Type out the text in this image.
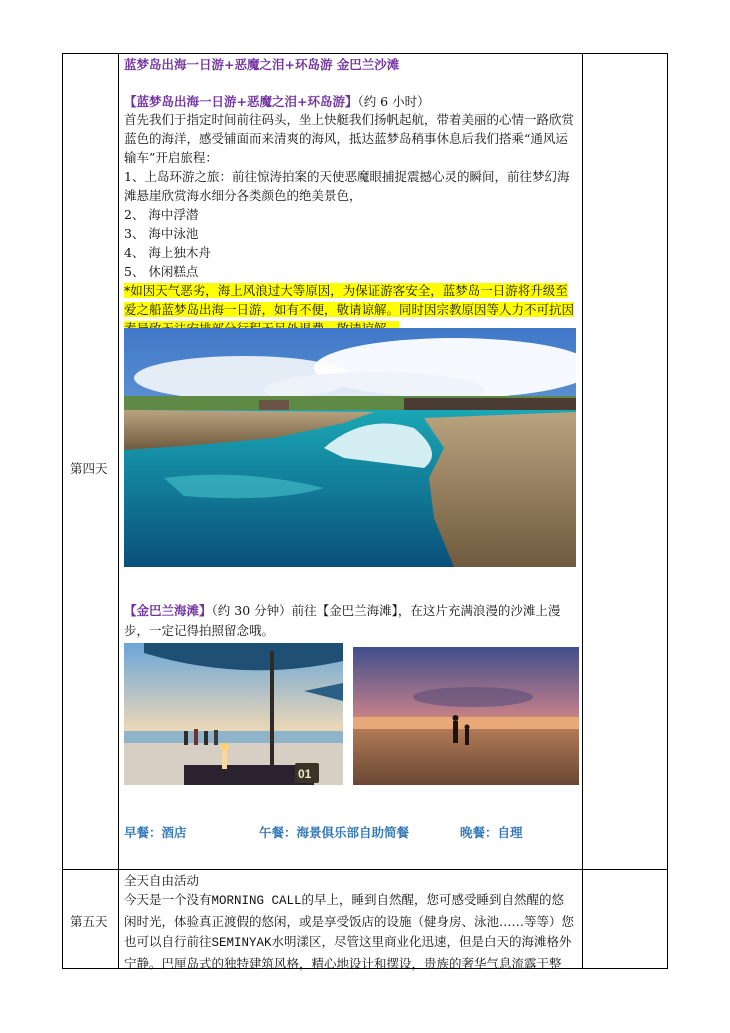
第四天
蓝梦岛出海一日游+恶魔之泪+环岛游 金巴兰沙滩
【蓝梦岛出海一日游+恶魔之泪+环岛游】（约 6 小时）

首先我们于指定时间前往码头，坐上快艇我们扬帆起航，带着美丽的心情一路欣赏蓝色的海洋，感受铺面而来清爽的海风，抵达蓝梦岛稍事休息后我们搭乘“通风运输车”开启旅程：

1、上岛环游之旅：前往惊涛拍案的天使恶魔眼捕捉震撼心灵的瞬间，前往梦幻海滩悬崖欣赏海水细分各类颜色的绝美景色，

2、 海中浮潜

3、 海中泳池

4、 海上独木舟

5、 休闲糕点

*如因天气恶劣，海上风浪过大等原因，为保证游客安全，蓝梦岛一日游将升级至爱之船蓝梦岛出海一日游，如有不便，敬请谅解。同时因宗教原因等人力不可抗因

【金巴兰海滩】（约 30 分钟）前往【金巴兰海滩】，在这片充满浪漫的沙滩上漫步，一定记得拍照留念哦。
01
早餐：酒店	午餐：海景俱乐部自助简餐	晚餐：自理
第五天
全天自由活动
今天是一个没有MORNING CALL的早上，睡到自然醒，您可感受睡到自然醒的悠闲时光，体验真正渡假的悠闲，或是享受饭店的设施（健身房、泳池……等等）您也可以自行前往SEMINYAK水明漾区，尽管这里商业化迅速，但是白天的海滩格外宁静。巴厘岛式的独特建筑风格，精心地设计和摆设，贵族的奢华气息流露于整
